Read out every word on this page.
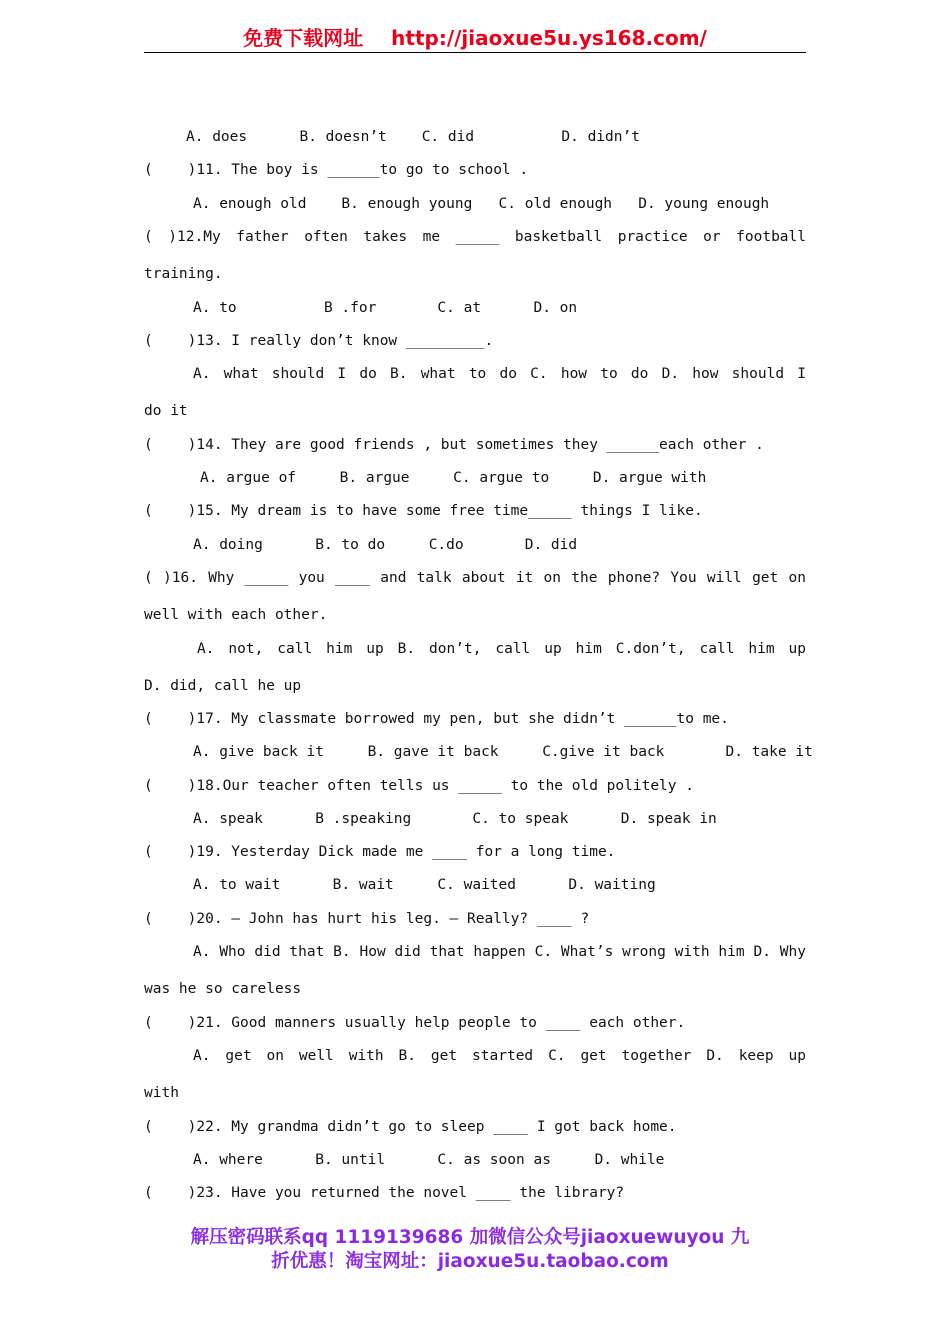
免费下载网址 http://jiaoxue5u.ys168.com/
A. does      B. doesn’t    C. did          D. didn’t
(    )11. The boy is ______to go to school .
A. enough old    B. enough young   C. old enough   D. young enough
( )12.My father often takes me _____ basketball practice or football
training.
A. to          B .for       C. at      D. on
(    )13. I really don’t know _________.
A. what should I do B. what to do C. how to do D. how should I
do it
(    )14. They are good friends , but sometimes they ______each other .
A. argue of     B. argue     C. argue to     D. argue with
(    )15. My dream is to have some free time_____ things I like.
A. doing      B. to do     C.do       D. did
( )16. Why _____ you ____ and talk about it on the phone? You will get on
well with each other.
A. not, call him up B. don’t, call up him C.don’t, call him up
D. did, call he up
(    )17. My classmate borrowed my pen, but she didn’t ______to me.
A. give back it     B. gave it back     C.give it back       D. take it
(    )18.Our teacher often tells us _____ to the old politely .
A. speak      B .speaking       C. to speak      D. speak in
(    )19. Yesterday Dick made me ____ for a long time.
A. to wait      B. wait     C. waited      D. waiting
(    )20. — John has hurt his leg. — Really? ____ ?
A. Who did that B. How did that happen C. What’s wrong with him D. Why
was he so careless
(    )21. Good manners usually help people to ____ each other.
A. get on well with B. get started C. get together D. keep up
with
(    )22. My grandma didn’t go to sleep ____ I got back home.
A. where      B. until      C. as soon as     D. while
(    )23. Have you returned the novel ____ the library?
解压密码联系qq 1119139686 加微信公众号jiaoxuewuyou 九
折优惠！淘宝网址：jiaoxue5u.taobao.com
